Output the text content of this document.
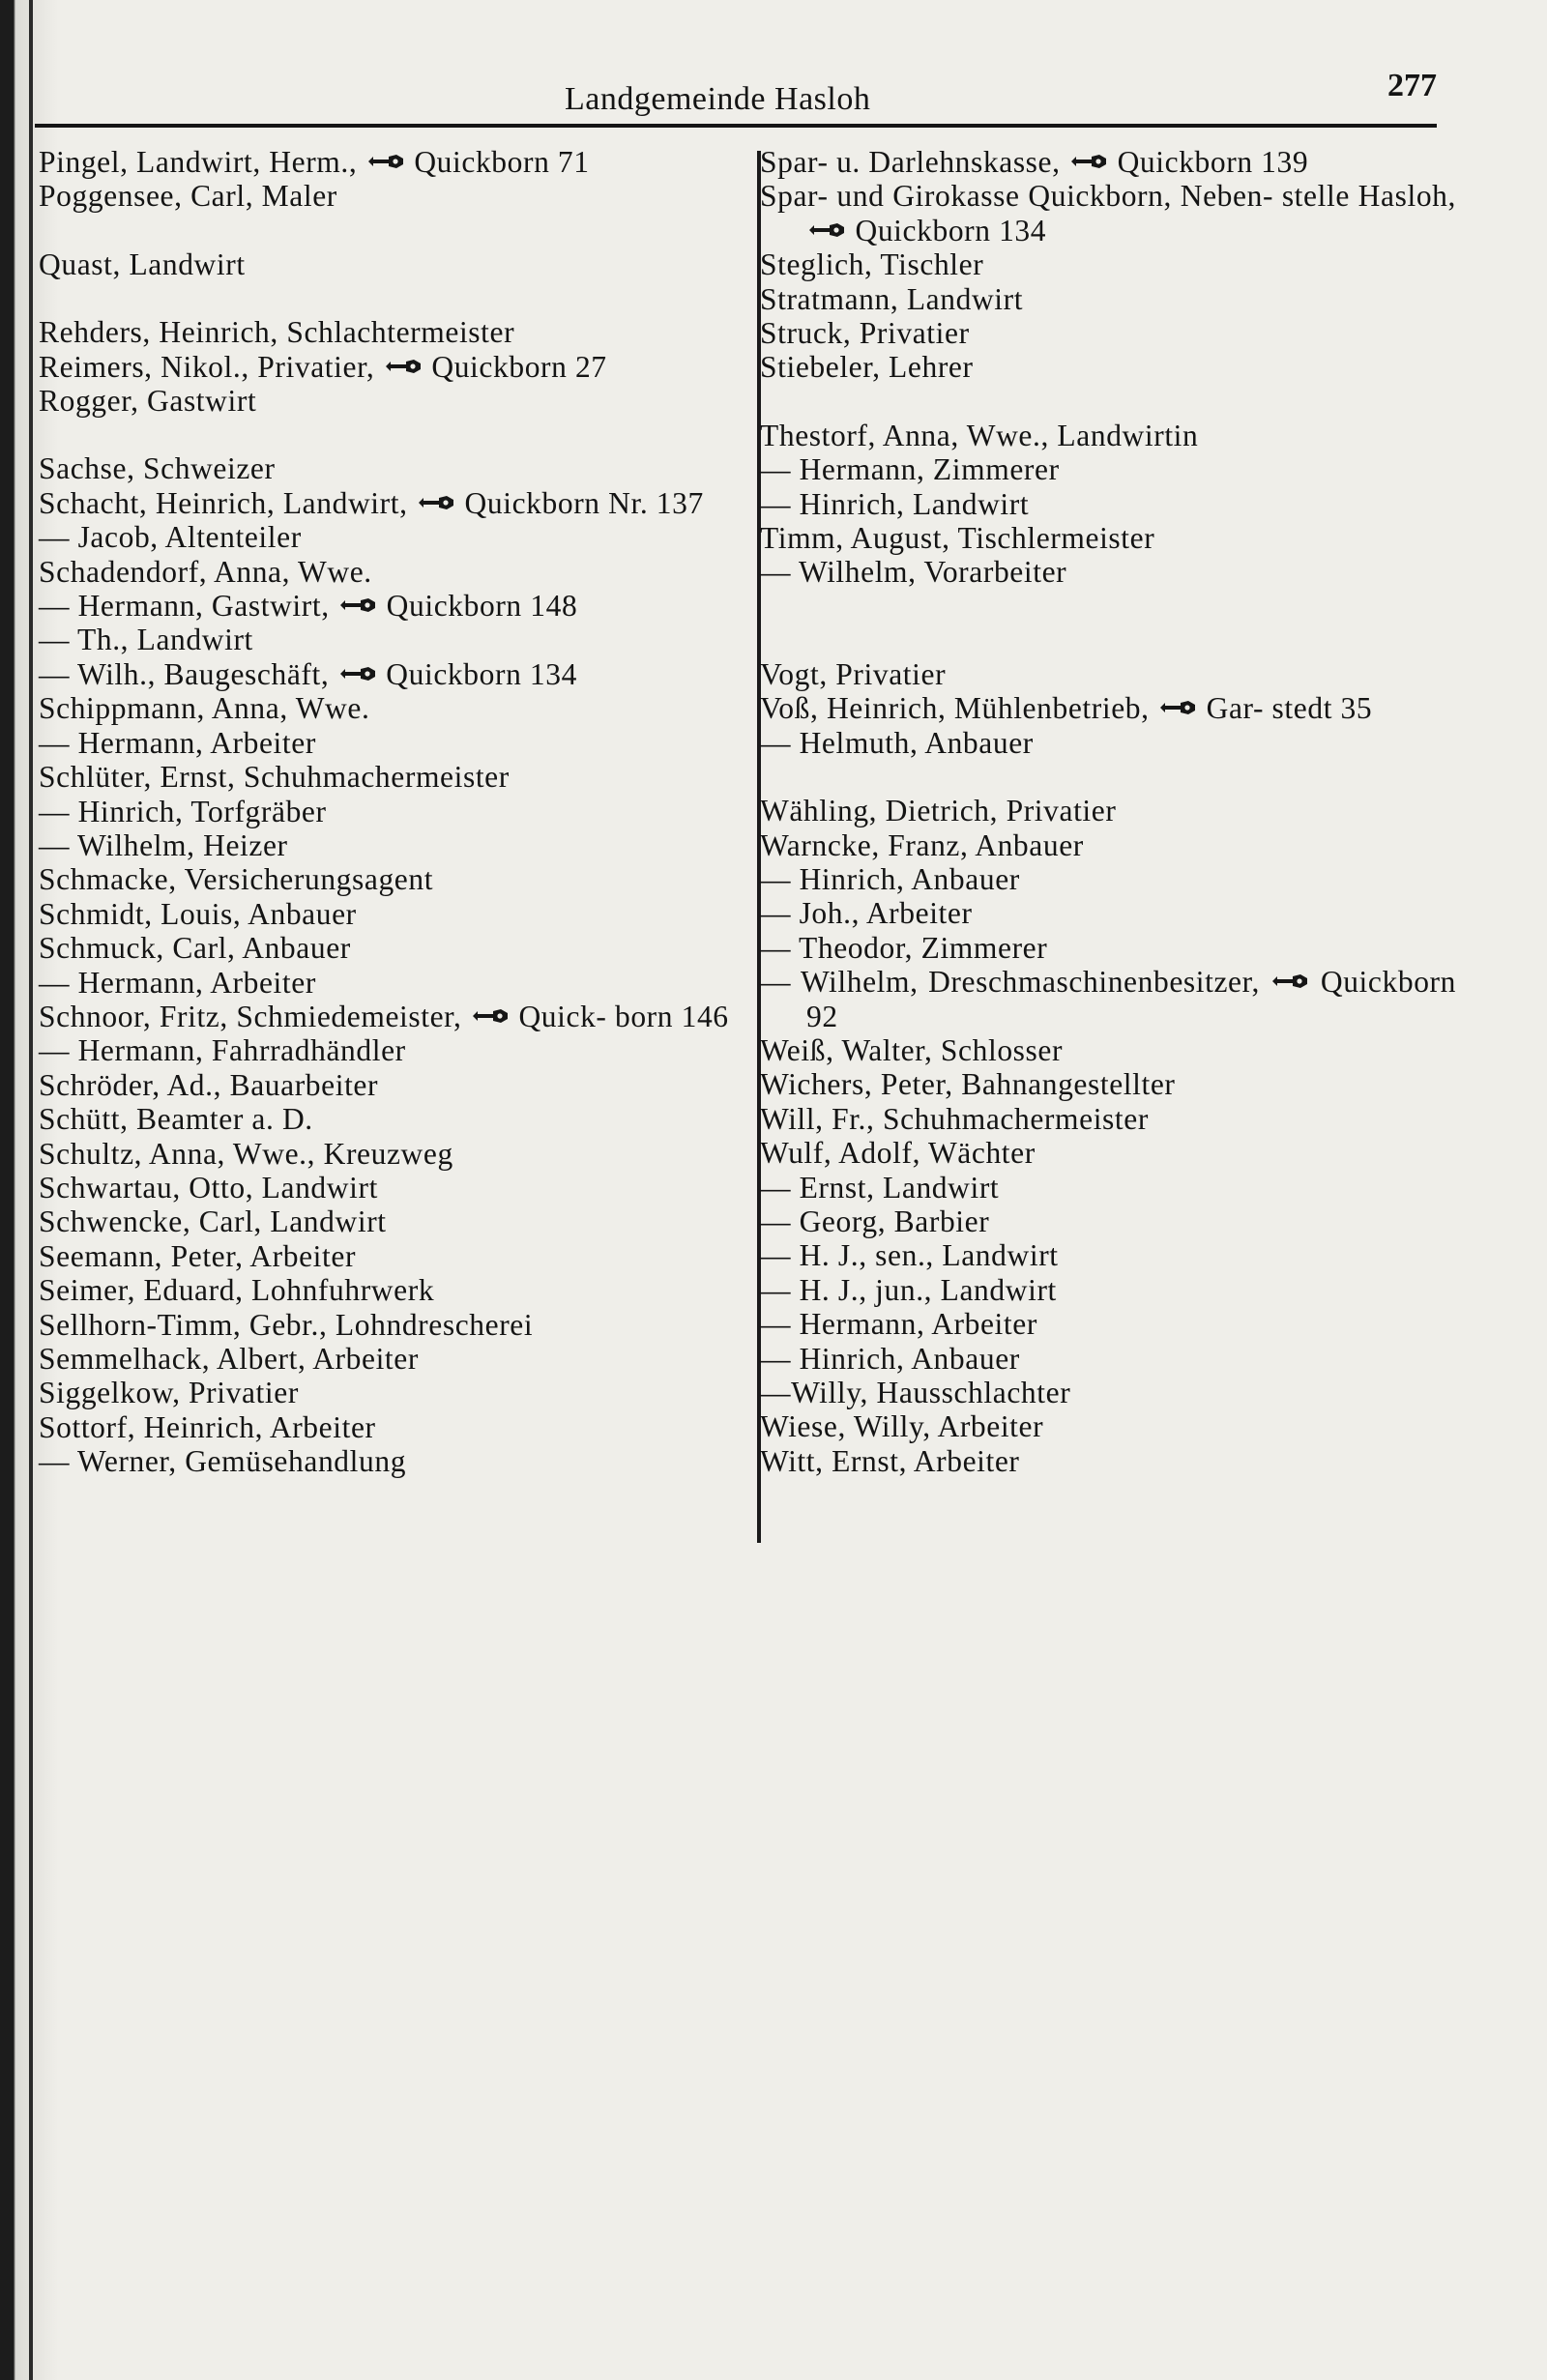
Landgemeinde Hasloh	277
Pingel, Landwirt, Herm., Quickborn 71
Poggensee, Carl, Maler
Quast, Landwirt
Rehders, Heinrich, Schlachtermeister
Reimers, Nikol., Privatier, Quickborn 27
Rogger, Gastwirt
Sachse, Schweizer
Schacht, Heinrich, Landwirt, Quickborn Nr. 137
— Jacob, Altenteiler
Schadendorf, Anna, Wwe.
— Hermann, Gastwirt, Quickborn 148
— Th., Landwirt
— Wilh., Baugeschäft, Quickborn 134
Schippmann, Anna, Wwe.
— Hermann, Arbeiter
Schlüter, Ernst, Schuhmachermeister
— Hinrich, Torfgräber
— Wilhelm, Heizer
Schmacke, Versicherungsagent
Schmidt, Louis, Anbauer
Schmuck, Carl, Anbauer
— Hermann, Arbeiter
Schnoor, Fritz, Schmiedemeister, Quick- born 146
— Hermann, Fahrradhändler
Schröder, Ad., Bauarbeiter
Schütt, Beamter a. D.
Schultz, Anna, Wwe., Kreuzweg
Schwartau, Otto, Landwirt
Schwencke, Carl, Landwirt
Seemann, Peter, Arbeiter
Seimer, Eduard, Lohnfuhrwerk
Sellhorn-Timm, Gebr., Lohndrescherei
Semmelhack, Albert, Arbeiter
Siggelkow, Privatier
Sottorf, Heinrich, Arbeiter
— Werner, Gemüsehandlung
Spar- u. Darlehnskasse, Quickborn 139
Spar- und Girokasse Quickborn, Neben- stelle Hasloh,
Quickborn 134
Steglich, Tischler
Stratmann, Landwirt
Struck, Privatier
Stiebeler, Lehrer
Thestorf, Anna, Wwe., Landwirtin
— Hermann, Zimmerer
— Hinrich, Landwirt
Timm, August, Tischlermeister
— Wilhelm, Vorarbeiter
Vogt, Privatier
Voß, Heinrich, Mühlenbetrieb, Gar- stedt 35
— Helmuth, Anbauer
Wähling, Dietrich, Privatier
Warncke, Franz, Anbauer
— Hinrich, Anbauer
— Joh., Arbeiter
— Theodor, Zimmerer
— Wilhelm, Dreschmaschinenbesitzer, Quickborn 92
Weiß, Walter, Schlosser
Wichers, Peter, Bahnangestellter
Will, Fr., Schuhmachermeister
Wulf, Adolf, Wächter
— Ernst, Landwirt
— Georg, Barbier
— H. J., sen., Landwirt
— H. J., jun., Landwirt
— Hermann, Arbeiter
— Hinrich, Anbauer
—Willy, Hausschlachter
Wiese, Willy, Arbeiter
Witt, Ernst, Arbeiter
